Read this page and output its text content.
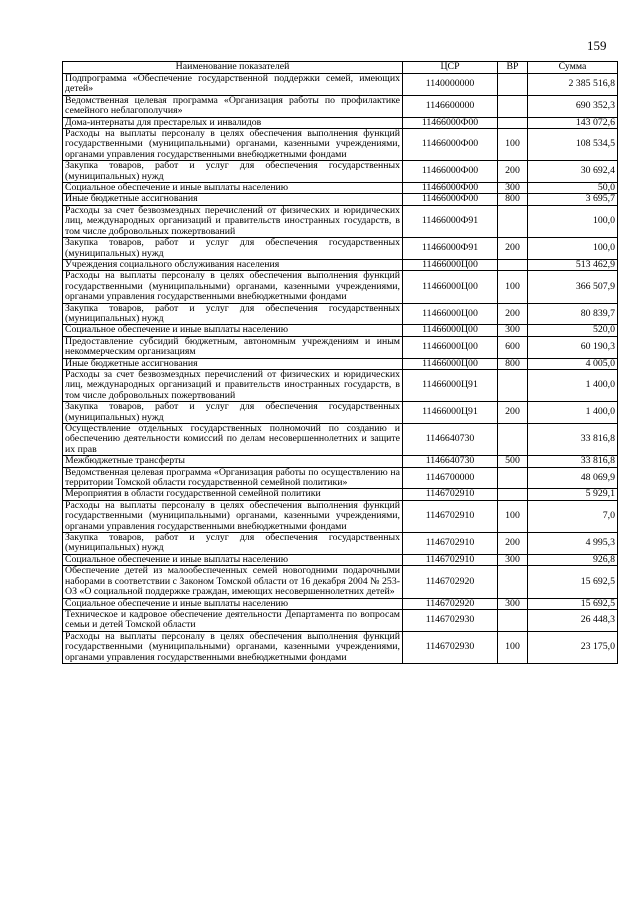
159
Наименование показателей	ЦСР	ВР	Сумма
Подпрограмма «Обеспечение государственной поддержки семей, имеющих детей»	1140000000		2 385 516,8
Ведомственная целевая программа «Организация работы по профилактике семейного неблагополучия»	1146600000		690 352,3
Дома-интернаты для престарелых и инвалидов	11466000Ф00		143 072,6
Расходы на выплаты персоналу в целях обеспечения выполнения функций государственными (муниципальными) органами, казенными учреждениями, органами управления государственными внебюджетными фондами	11466000Ф00	100	108 534,5
Закупка товаров, работ и услуг для обеспечения государственных (муниципальных) нужд	11466000Ф00	200	30 692,4
Социальное обеспечение и иные выплаты населению	11466000Ф00	300	50,0
Иные бюджетные ассигнования	11466000Ф00	800	3 695,7
Расходы за счет безвозмездных перечислений от физических и юридических лиц, международных организаций и правительств иностранных государств, в том числе добровольных пожертвований	11466000Ф91		100,0
Закупка товаров, работ и услуг для обеспечения государственных (муниципальных) нужд	11466000Ф91	200	100,0
Учреждения социального обслуживания населения	11466000Ц00		513 462,9
Расходы на выплаты персоналу в целях обеспечения выполнения функций государственными (муниципальными) органами, казенными учреждениями, органами управления государственными внебюджетными фондами	11466000Ц00	100	366 507,9
Закупка товаров, работ и услуг для обеспечения государственных (муниципальных) нужд	11466000Ц00	200	80 839,7
Социальное обеспечение и иные выплаты населению	11466000Ц00	300	520,0
Предоставление субсидий бюджетным, автономным учреждениям и иным некоммерческим организациям	11466000Ц00	600	60 190,3
Иные бюджетные ассигнования	11466000Ц00	800	4 005,0
Расходы за счет безвозмездных перечислений от физических и юридических лиц, международных организаций и правительств иностранных государств, в том числе добровольных пожертвований	11466000Ц91		1 400,0
Закупка товаров, работ и услуг для обеспечения государственных (муниципальных) нужд	11466000Ц91	200	1 400,0
Осуществление отдельных государственных полномочий по созданию и обеспечению деятельности комиссий по делам несовершеннолетних и защите их прав	1146640730		33 816,8
Межбюджетные трансферты	1146640730	500	33 816,8
Ведомственная целевая программа «Организация работы по осуществлению на территории Томской области государственной семейной политики»	1146700000		48 069,9
Мероприятия в области государственной семейной политики	1146702910		5 929,1
Расходы на выплаты персоналу в целях обеспечения выполнения функций государственными (муниципальными) органами, казенными учреждениями, органами управления государственными внебюджетными фондами	1146702910	100	7,0
Закупка товаров, работ и услуг для обеспечения государственных (муниципальных) нужд	1146702910	200	4 995,3
Социальное обеспечение и иные выплаты населению	1146702910	300	926,8
Обеспечение детей из малообеспеченных семей новогодними подарочными наборами в соответствии с Законом Томской области от 16 декабря 2004 № 253-ОЗ «О социальной поддержке граждан, имеющих несовершеннолетних детей»	1146702920		15 692,5
Социальное обеспечение и иные выплаты населению	1146702920	300	15 692,5
Техническое и кадровое обеспечение деятельности Департамента по вопросам семьи и детей Томской области	1146702930		26 448,3
Расходы на выплаты персоналу в целях обеспечения выполнения функций государственными (муниципальными) органами, казенными учреждениями, органами управления государственными внебюджетными фондами	1146702930	100	23 175,0
